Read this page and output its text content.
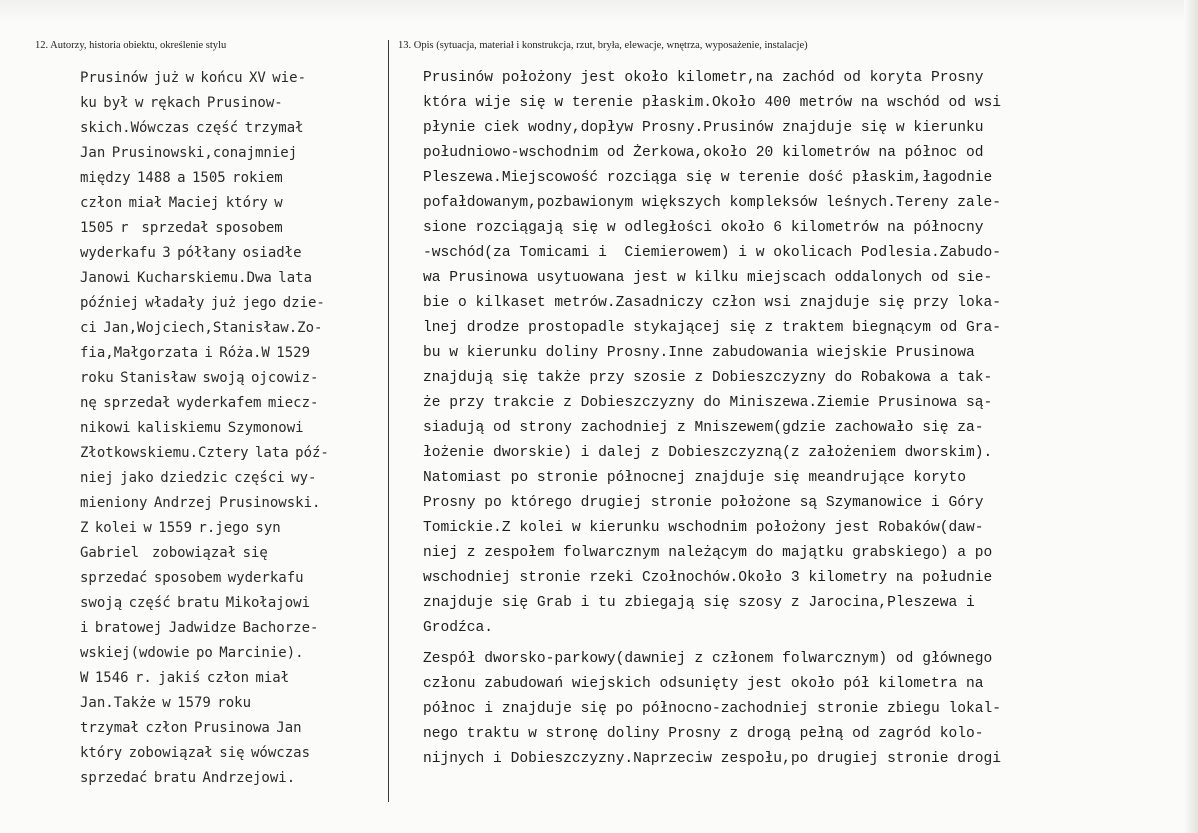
12. Autorzy, historia obiektu, określenie stylu	13. Opis (sytuacja, materiał i konstrukcja, rzut, bryła, elewacje, wnętrza, wyposażenie, instalacje)
Prusinów już w końcu XV wie-
ku był w rękach Prusinow-
skich.Wówczas część trzymał
Jan Prusinowski,conajmniej
między 1488 a 1505 rokiem
człon miał Maciej który w
1505 r  sprzedał sposobem
wyderkafu 3 półłany osiadłe
Janowi Kucharskiemu.Dwa lata
później władały już jego dzie-
ci Jan,Wojciech,Stanisław.Zo-
fia,Małgorzata i Róża.W 1529
roku Stanisław swoją ojcowiz-
nę sprzedał wyderkafem miecz-
nikowi kaliskiemu Szymonowi
Złotkowskiemu.Cztery lata póź-
niej jako dziedzic części wy-
mieniony Andrzej Prusinowski.
Z kolei w 1559 r.jego syn
Gabriel  zobowiązał się
sprzedać sposobem wyderkafu
swoją część bratu Mikołajowi
i bratowej Jadwidze Bachorze-
wskiej(wdowie po Marcinie).
W 1546 r. jakiś człon miał
Jan.Także w 1579 roku
trzymał człon Prusinowa Jan
który zobowiązał się wówczas
sprzedać bratu Andrzejowi.
Prusinów położony jest około kilometr,na zachód od koryta Prosny
która wije się w terenie płaskim.Około 400 metrów na wschód od wsi
płynie ciek wodny,dopływ Prosny.Prusinów znajduje się w kierunku
południowo-wschodnim od Żerkowa,około 20 kilometrów na północ od
Pleszewa.Miejscowość rozciąga się w terenie dość płaskim,łagodnie
pofałdowanym,pozbawionym większych kompleksów leśnych.Tereny zale-
sione rozciągają się w odległości około 6 kilometrów na północny
-wschód(za Tomicami i  Ciemierowem) i w okolicach Podlesia.Zabudo-
wa Prusinowa usytuowana jest w kilku miejscach oddalonych od sie-
bie o kilkaset metrów.Zasadniczy człon wsi znajduje się przy loka-
lnej drodze prostopadle stykającej się z traktem biegnącym od Gra-
bu w kierunku doliny Prosny.Inne zabudowania wiejskie Prusinowa
znajdują się także przy szosie z Dobieszczyzny do Robakowa a tak-
że przy trakcie z Dobieszczyzny do Miniszewa.Ziemie Prusinowa są-
siadują od strony zachodniej z Mniszewem(gdzie zachowało się za-
łożenie dworskie) i dalej z Dobieszczyzną(z założeniem dworskim).
Natomiast po stronie północnej znajduje się meandrujące koryto
Prosny po którego drugiej stronie położone są Szymanowice i Góry
Tomickie.Z kolei w kierunku wschodnim położony jest Robaków(daw-
niej z zespołem folwarcznym należącym do majątku grabskiego) a po
wschodniej stronie rzeki Czołnochów.Około 3 kilometry na południe
znajduje się Grab i tu zbiegają się szosy z Jarocina,Pleszewa i
Grodźca.
Zespół dworsko-parkowy(dawniej z członem folwarcznym) od głównego
członu zabudowań wiejskich odsunięty jest około pół kilometra na
północ i znajduje się po północno-zachodniej stronie zbiegu lokal-
nego traktu w stronę doliny Prosny z drogą pełną od zagród kolo-
nijnych i Dobieszczyzny.Naprzeciw zespołu,po drugiej stronie drogi
